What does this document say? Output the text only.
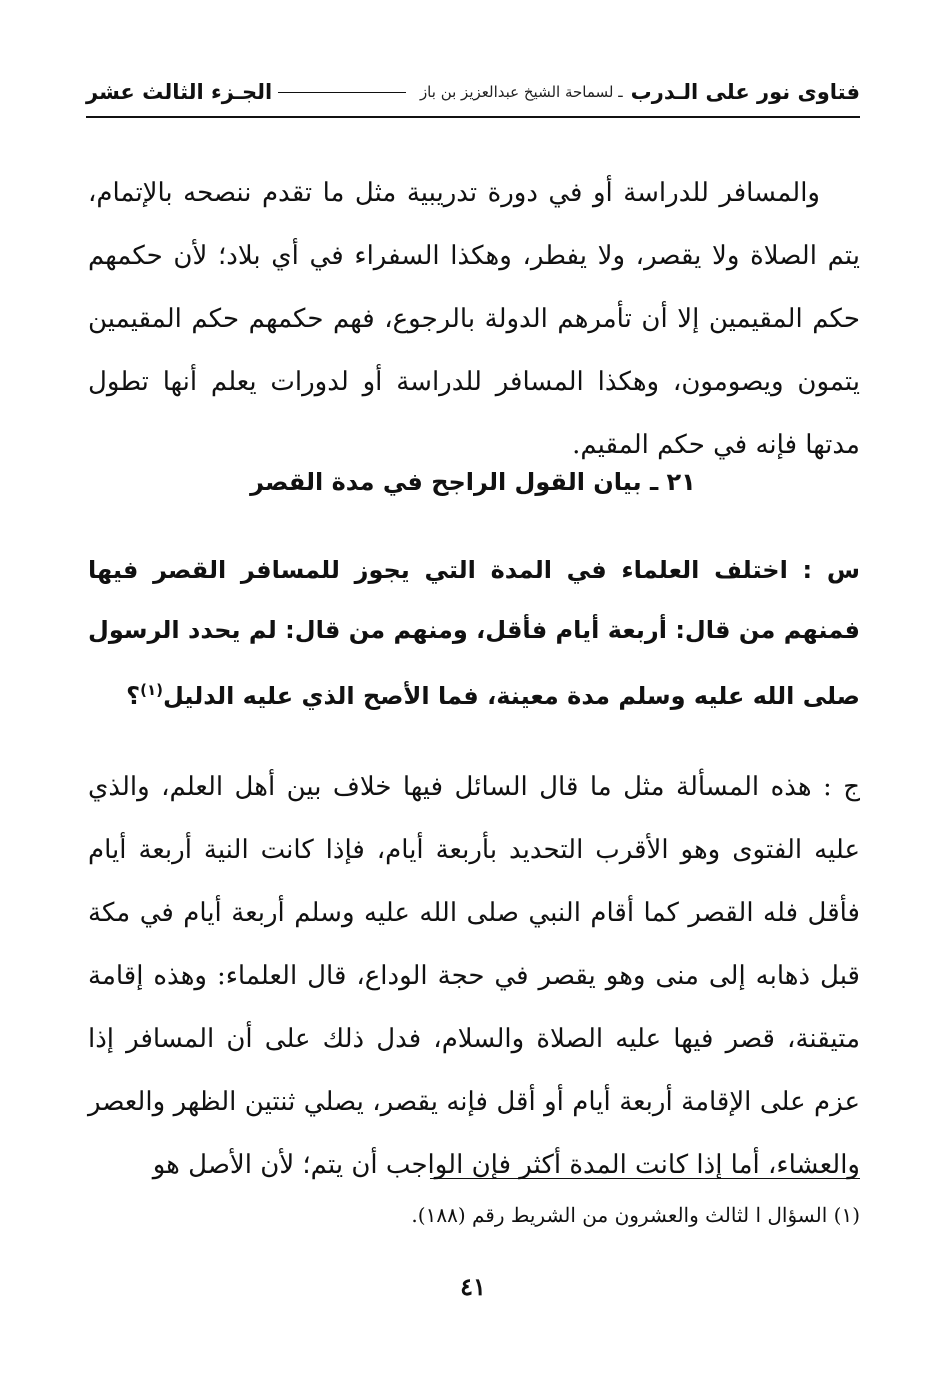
فتاوى نور على الـدرب
ـ لسماحة الشيخ عبدالعزيز بن باز
الجـزء الثالث عشر

والمسافر للدراسة أو في دورة تدريبية مثل ما تقدم ننصحه بالإتمام، يتم الصلاة ولا يقصر، ولا يفطر، وهكذا السفراء في أي بلاد؛ لأن حكمهم حكم المقيمين إلا أن تأمرهم الدولة بالرجوع، فهم حكمهم حكم المقيمين يتمون ويصومون، وهكذا المسافر للدراسة أو لدورات يعلم أنها تطول مدتها فإنه في حكم المقيم.

٢١ ـ بيان القول الراجح في مدة القصر
س : اختلف العلماء في المدة التي يجوز للمسافر القصر فيها فمنهم من قال: أربعة أيام فأقل، ومنهم من قال: لم يحدد الرسول صلى الله عليه وسلم مدة معينة، فما الأصح الذي عليه الدليل$^{(١)}$؟

ج : هذه المسألة مثل ما قال السائل فيها خلاف بين أهل العلم، والذي عليه الفتوى وهو الأقرب التحديد بأربعة أيام، فإذا كانت النية أربعة أيام فأقل فله القصر كما أقام النبي صلى الله عليه وسلم أربعة أيام في مكة قبل ذهابه إلى منى وهو يقصر في حجة الوداع، قال العلماء: وهذه إقامة متيقنة، قصر فيها عليه الصلاة والسلام، فدل ذلك على أن المسافر إذا عزم على الإقامة أربعة أيام أو أقل فإنه يقصر، يصلي ثنتين الظهر والعصر والعشاء، أما إذا كانت المدة أكثر فإن الواجب أن يتم؛ لأن الأصل هو

(١) السؤال ا لثالث والعشرون من الشريط رقم (١٨٨).
٤١
